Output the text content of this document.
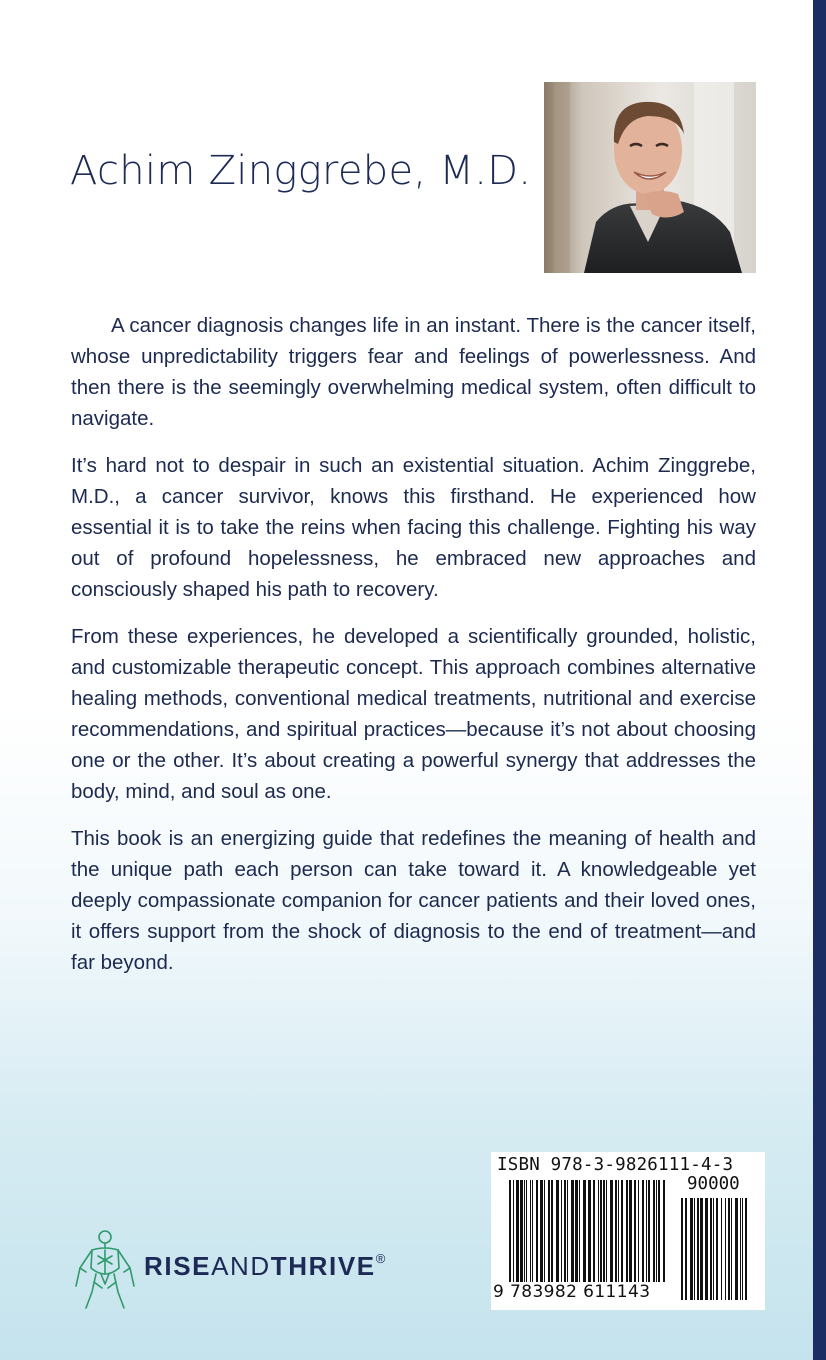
Achim Zinggrebe, M.D.

A cancer diagnosis changes life in an instant. There is the cancer itself, whose unpredictability triggers fear and feelings of powerlessness. And then there is the seemingly overwhelming medical system, often difficult to navigate.

It’s hard not to despair in such an existential situation. Achim Zinggrebe, M.D., a cancer survivor, knows this firsthand. He experienced how essential it is to take the reins when facing this challenge. Fighting his way out of profound hopelessness, he embraced new approaches and consciously shaped his path to recovery.

From these experiences, he developed a scientifically grounded, holistic, and customizable therapeutic concept. This approach combines alternative healing methods, conventional medical treatments, nutritional and exercise recommendations, and spiritual practices—because it’s not about choosing one or the other. It’s about creating a powerful synergy that addresses the body, mind, and soul as one.

This book is an energizing guide that redefines the meaning of health and the unique path each person can take toward it. A knowledgeable yet deeply compassionate companion for cancer patients and their loved ones, it offers support from the shock of diagnosis to the end of treatment—and far beyond.

RISEANDTHRIVE®

ISBN 978-3-9826111-4-3

90000

9 783982 611143
